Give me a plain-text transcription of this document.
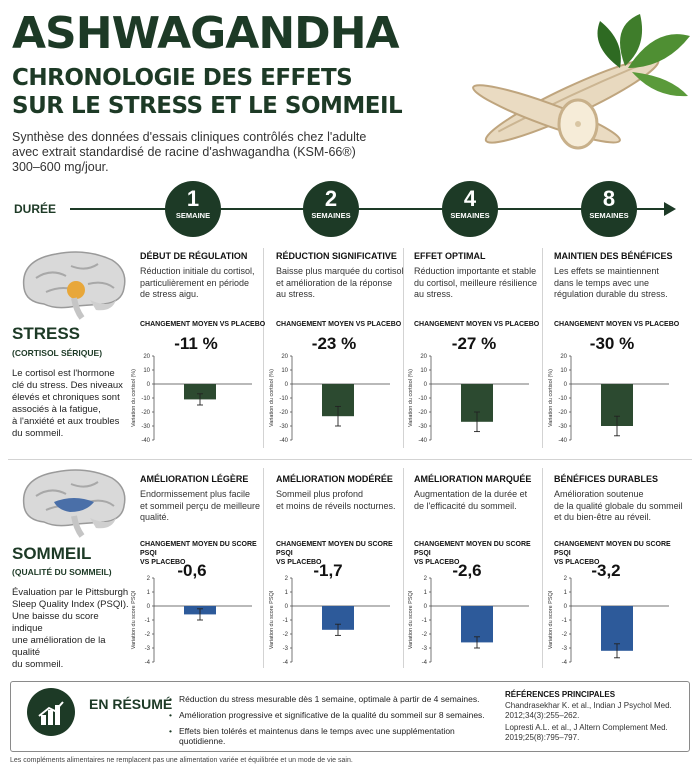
ASHWAGANDHA
CHRONOLOGIE DES EFFETS
SUR LE STRESS ET LE SOMMEIL
Synthèse des données d'essais cliniques contrôlés chez l'adulte
avec extrait standardisé de racine d'ashwagandha (KSM-66®)
300–600 mg/jour.
DURÉE	1
SEMAINE
2
SEMAINES
4
SEMAINES
8
SEMAINES
STRESS
(CORTISOL SÉRIQUE)
Le cortisol est l'hormone
clé du stress. Des niveaux
élevés et chroniques sont
associés à la fatigue,
à l'anxiété et aux troubles
du sommeil.
DÉBUT DE RÉGULATION
Réduction initiale du cortisol,
particulièrement en période
de stress aigu.
CHANGEMENT MOYEN VS PLACEBO
-11 %
Variation du cortisol (%)
20
10
0
-10
-20
-30
-40
RÉDUCTION SIGNIFICATIVE
Baisse plus marquée du cortisol
et amélioration de la réponse
au stress.
CHANGEMENT MOYEN VS PLACEBO
-23 %
Variation du cortisol (%)
20
10
0
-10
-20
-30
-40
EFFET OPTIMAL
Réduction importante et stable
du cortisol, meilleure résilience
au stress.
CHANGEMENT MOYEN VS PLACEBO
-27 %
Variation du cortisol (%)
20
10
0
-10
-20
-30
-40
MAINTIEN DES BÉNÉFICES
Les effets se maintiennent
dans le temps avec une
régulation durable du stress.
CHANGEMENT MOYEN VS PLACEBO
-30 %
Variation du cortisol (%)
20
10
0
-10
-20
-30
-40
SOMMEIL
(QUALITÉ DU SOMMEIL)
Évaluation par le Pittsburgh
Sleep Quality Index (PSQI).
Une baisse du score indique
une amélioration de la qualité
du sommeil.
AMÉLIORATION LÉGÈRE
Endormissement plus facile
et sommeil perçu de meilleure
qualité.
CHANGEMENT MOYEN DU SCORE PSQI
VS PLACEBO
-0,6
Variation du score PSQI
2
1
0
-1
-2
-3
-4
AMÉLIORATION MODÉRÉE
Sommeil plus profond
et moins de réveils nocturnes.
CHANGEMENT MOYEN DU SCORE PSQI
VS PLACEBO
-1,7
Variation du score PSQI
2
1
0
-1
-2
-3
-4
AMÉLIORATION MARQUÉE
Augmentation de la durée et
de l'efficacité du sommeil.
CHANGEMENT MOYEN DU SCORE PSQI
VS PLACEBO
-2,6
Variation du score PSQI
2
1
0
-1
-2
-3
-4
BÉNÉFICES DURABLES
Amélioration soutenue
de la qualité globale du sommeil
et du bien-être au réveil.
CHANGEMENT MOYEN DU SCORE PSQI
VS PLACEBO
-3,2
Variation du score PSQI
2
1
0
-1
-2
-3
-4
EN RÉSUMÉ
• Réduction du stress mesurable dès 1 semaine, optimale à partir de 4 semaines.
• Amélioration progressive et significative de la qualité du sommeil sur 8 semaines.
• Effets bien tolérés et maintenus dans le temps avec une supplémentation quotidienne.
RÉFÉRENCES PRINCIPALES

Chandrasekhar K. et al., Indian J Psychol Med. 2012;34(3):255–262.

Lopresti A.L. et al., J Altern Complement Med. 2019;25(8):795–797.

Les compléments alimentaires ne remplacent pas une alimentation variée et équilibrée et un mode de vie sain.
